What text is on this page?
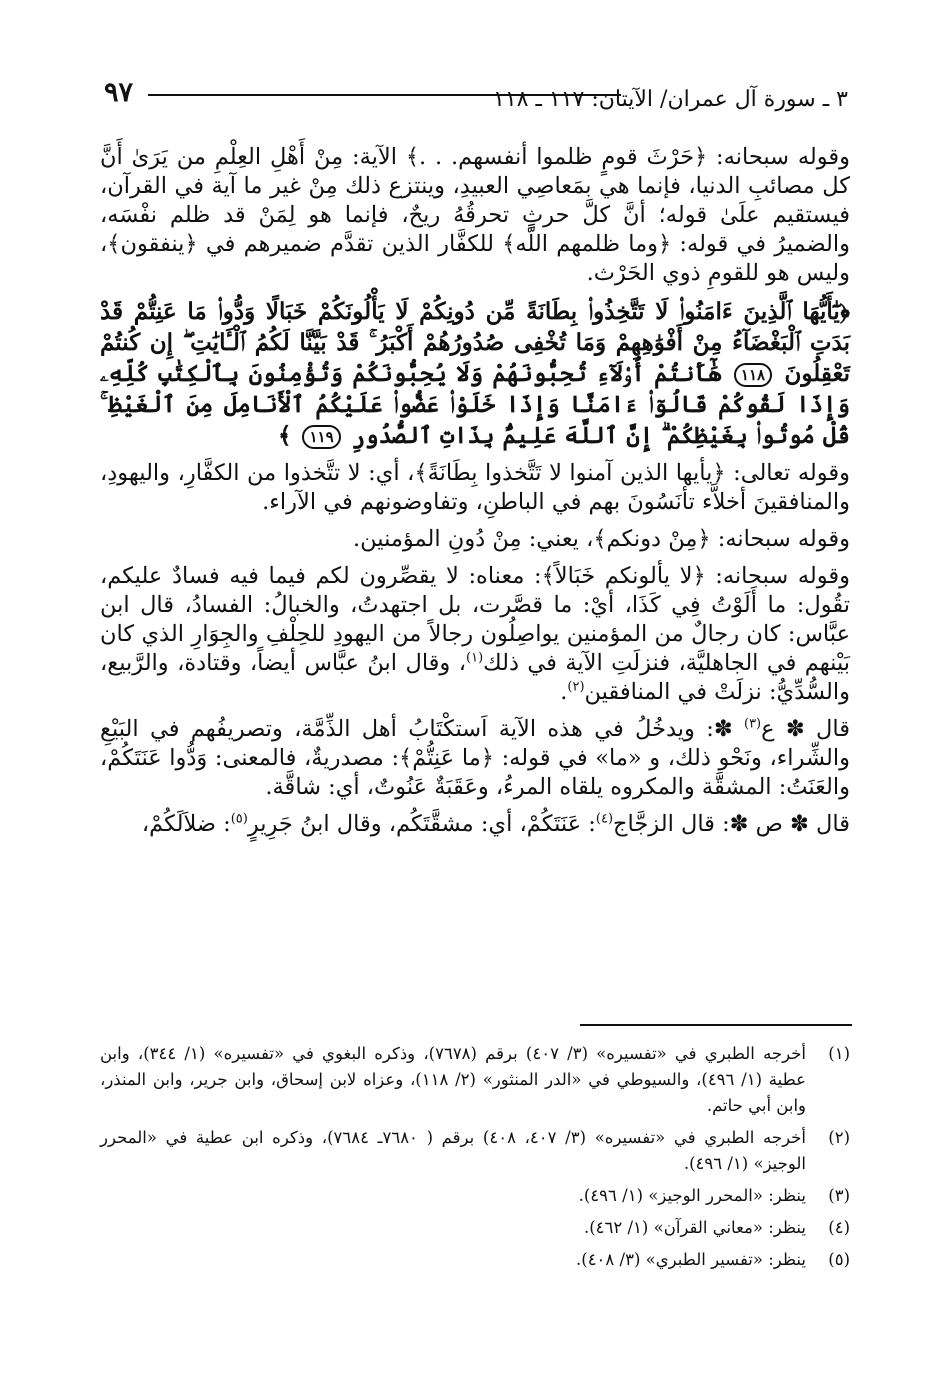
٩٧	٣ ـ سورة آل عمران/ الآيتان: ١١٧ ـ ١١٨

وقوله سبحانه: ﴿حَرْثَ قومٍ ظلموا أنفسهم. . .﴾ الآية: مِنْ أَهْلِ العِلْمِ من يَرَىٰ أَنَّ كل مصائبِ الدنيا، فإنما هي بمَعاصِي العبيدِ، وينتزع ذلك مِنْ غير ما آية في القرآن، فيستقيم علَىٰ قوله؛ أنَّ كلَّ حرثٍ تحرقُهُ ريحٌ، فإنما هو لِمَنْ قد ظلم نفْسَه، والضميرُ في قوله: ﴿وما ظلمهم اللَّه﴾ للكفَّار الذين تقدَّم ضميرهم في ﴿ينفقون﴾، وليس هو للقومِ ذوي الحَرْث.

﴿يَٰٓأَيُّهَا ٱلَّذِينَ ءَامَنُوا۟ لَا تَتَّخِذُوا۟ بِطَانَةً مِّن دُونِكُمْ لَا يَأْلُونَكُمْ خَبَالًا وَدُّوا۟ مَا عَنِتُّمْ قَدْ بَدَتِ ٱلْبَغْضَآءُ مِنْ أَفْوَٰهِهِمْ وَمَا تُخْفِى صُدُورُهُمْ أَكْبَرُ ۚ قَدْ بَيَّنَّا لَكُمُ ٱلْـَٔايَٰتِ ۖ إِن كُنتُمْ تَعْقِلُونَ ١١٨ هَٰٓأَنتُمْ أُو۟لَآءِ تُحِبُّونَهُمْ وَلَا يُحِبُّونَكُمْ وَتُؤْمِنُونَ بِٱلْكِتَٰبِ كُلِّهِۦ وَإِذَا لَقُوكُمْ قَالُوٓا۟ ءَامَنَّا وَإِذَا خَلَوْا۟ عَضُّوا۟ عَلَيْكُمُ ٱلْأَنَامِلَ مِنَ ٱلْغَيْظِ ۚ قُلْ مُوتُوا۟ بِغَيْظِكُمْ ۗ إِنَّ ٱللَّهَ عَلِيمٌۢ بِذَاتِ ٱلصُّدُورِ ١١٩ ﴾

وقوله تعالى: ﴿يأيها الذين آمنوا لا تَتَّخذوا بِطَانَةً﴾، أي: لا تتَّخذوا من الكفَّارِ، واليهودِ، والمنافقينَ أخلاَّء تأنَسُونَ بهم في الباطنِ، وتفاوضونهم في الآراء.

وقوله سبحانه: ﴿مِنْ دونكم﴾، يعني: مِنْ دُونِ المؤمنين.

وقوله سبحانه: ﴿لا يألونكم خَبَالاً﴾: معناه: لا يقصِّرون لكم فيما فيه فسادٌ عليكم، تقُول: ما أَلَوْتُ فِي كَذَا، أيْ: ما قصَّرت، بل اجتهدتُ، والخبالُ: الفسادُ، قال ابن عبَّاس: كان رجالٌ من المؤمنين يواصِلُون رجالاً من اليهودِ للحِلْفِ والجِوَارِ الذي كان بَيْنهم في الجاهليَّة، فنزلَتِ الآية في ذلك$^{(١)}$، وقال ابنُ عبَّاس أيضاً، وقتادة، والرَّبيع، والسُّدِّيُّ: نزلَتْ في المنافقين$^{(٢)}$.

قال ✽ ع$^{(٣)}$ ✽: ويدخُلُ في هذه الآية اَستكْتَابُ أهل الذِّمَّة، وتصريفُهم في البَيْعِ والشِّراء، ونَحْو ذلك، و «ما» في قوله: ﴿ما عَنِتُّمْ﴾: مصدريةٌ، فالمعنى: وَدُّوا عَنَتَكُمْ، والعَنَتُ: المشقَّة والمكروه يلقاه المرءُ، وعَقَبَةٌ عَنُوتٌ، أي: شاقَّة.

قال ✽ ص ✽: قال الزجَّاج$^{(٤)}$: عَنَتَكُمْ، أي: مشقَّتَكُم، وقال ابنُ جَرِيرٍ$^{(٥)}$: ضلاَلَكُمْ،

(١)
أخرجه الطبري في «تفسيره» (٣/ ٤٠٧) برقم (٧٦٧٨)، وذكره البغوي في «تفسيره» (١/ ٣٤٤)، وابن عطية (١/ ٤٩٦)، والسيوطي في «الدر المنثور» (٢/ ١١٨)، وعزاه لابن إسحاق، وابن جرير، وابن المنذر، وابن أبي حاتم.
(٢)
أخرجه الطبري في «تفسيره» (٣/ ٤٠٧، ٤٠٨) برقم ( ٧٦٨٠ـ ٧٦٨٤)، وذكره ابن عطية في «المحرر الوجيز» (١/ ٤٩٦).
(٣)
ينظر: «المحرر الوجيز» (١/ ٤٩٦).
(٤)
ينظر: «معاني القرآن» (١/ ٤٦٢).
(٥)
ينظر: «تفسير الطبري» (٣/ ٤٠٨).
